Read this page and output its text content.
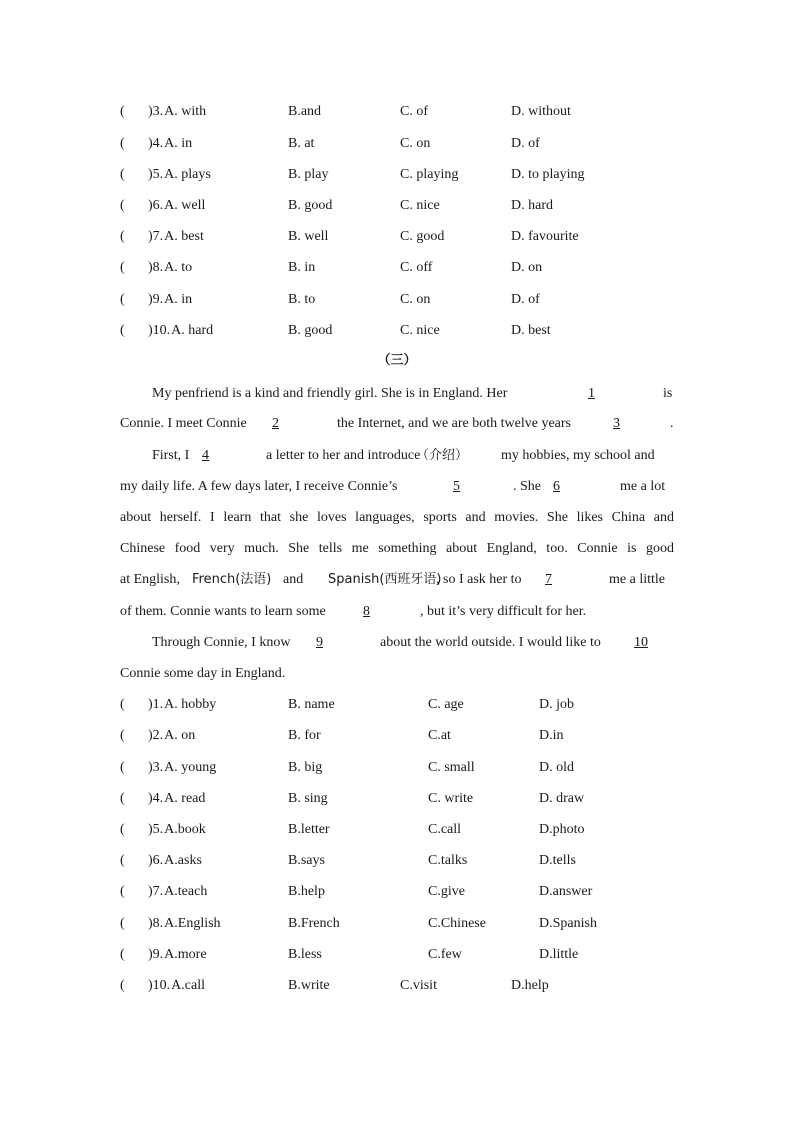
( )3. A. with	B.and	C. of	D. without
( )4. A. in	B. at	C. on	D. of
( )5. A. plays	B. play	C. playing	D. to playing
( )6. A. well	B. good	C. nice	D. hard
( )7. A. best	B. well	C. good	D. favourite
( )8. A. to	B. in	C. off	D. on
( )9. A. in	B. to	C. on	D. of
( )10. A. hard	B. good	C. nice	D. best
（三）
My penfriend is a kind and friendly girl. She is in England. Her	1	is
Connie. I meet Connie 2	the Internet, and we are both twelve years	3	.
First, I 4	a letter to her and introduce
（介绍） my hobbies, my school and
my daily life. A few days later, I receive Connie’s	5	. She 6	me a lot
about herself. I learn that she loves languages, sports and movies. She likes China and
Chinese food very much. She tells me something about England, too. Connie is good
at English, French(法语) and Spanish(西班牙语)
, so I ask her to 7	me a little
of them. Connie wants to learn some	8	, but it’s very difficult for her.
Through Connie, I know 9	about the world outside. I would like to 10
Connie some day in England.
( )1. A. hobby	B. name	C. age	D. job
( )2. A. on	B. for	C.at	D.in
( )3. A. young	B. big	C. small	D. old
( )4. A. read	B. sing	C. write	D. draw
( )5. A.book	B.letter	C.call	D.photo
( )6. A.asks	B.says	C.talks	D.tells
( )7. A.teach	B.help	C.give	D.answer
( )8. A.English	B.French	C.Chinese	D.Spanish
( )9. A.more	B.less	C.few	D.little
( )10. A.call	B.write	C.visit	D.help
